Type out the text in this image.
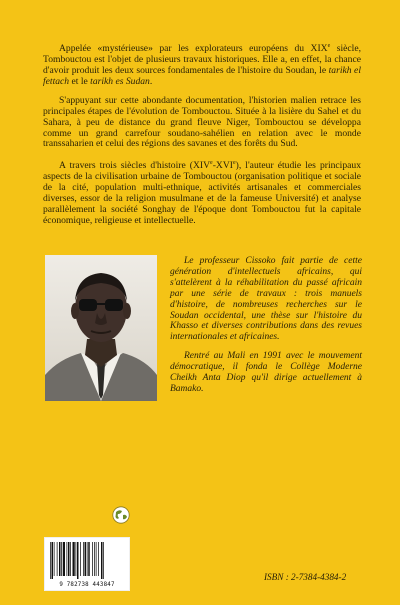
Appelée «mystérieuse» par les explorateurs européens du XIXe siècle, Tombouctou est l'objet de plusieurs travaux historiques. Elle a, en effet, la chance d'avoir produit les deux sources fondamentales de l'histoire du Soudan, le tarikh el fettach et le tarikh es Sudan.

S'appuyant sur cette abondante documentation, l'historien malien retrace les principales étapes de l'évolution de Tombouctou. Située à la lisière du Sahel et du Sahara, à peu de distance du grand fleuve Niger, Tombouctou se développa comme un grand carrefour soudano-sahélien en relation avec le monde transsaharien et celui des régions des savanes et des forêts du Sud.

A travers trois siècles d'histoire (XIVe-XVIe), l'auteur étudie les principaux aspects de la civilisation urbaine de Tombouctou (organisation politique et sociale de la cité, population multi-ethnique, activités artisanales et commerciales diverses, essor de la religion musulmane et de la fameuse Université) et analyse parallèlement la société Songhay de l'époque dont Tombouctou fut la capitale économique, religieuse et intellectuelle.

Le professeur Cissoko fait partie de cette génération d'intellectuels africains, qui s'attelèrent à la réhabilitation du passé africain par une série de travaux : trois manuels d'histoire, de nombreuses recherches sur le Soudan occidental, une thèse sur l'histoire du Khasso et diverses contributions dans des revues internationales et africaines.

Rentré au Mali en 1991 avec le mouvement démocratique, il fonda le Collège Moderne Cheikh Anta Diop qu'il dirige actuellement à Bamako.

9 782738 443847
ISBN : 2-7384-4384-2
